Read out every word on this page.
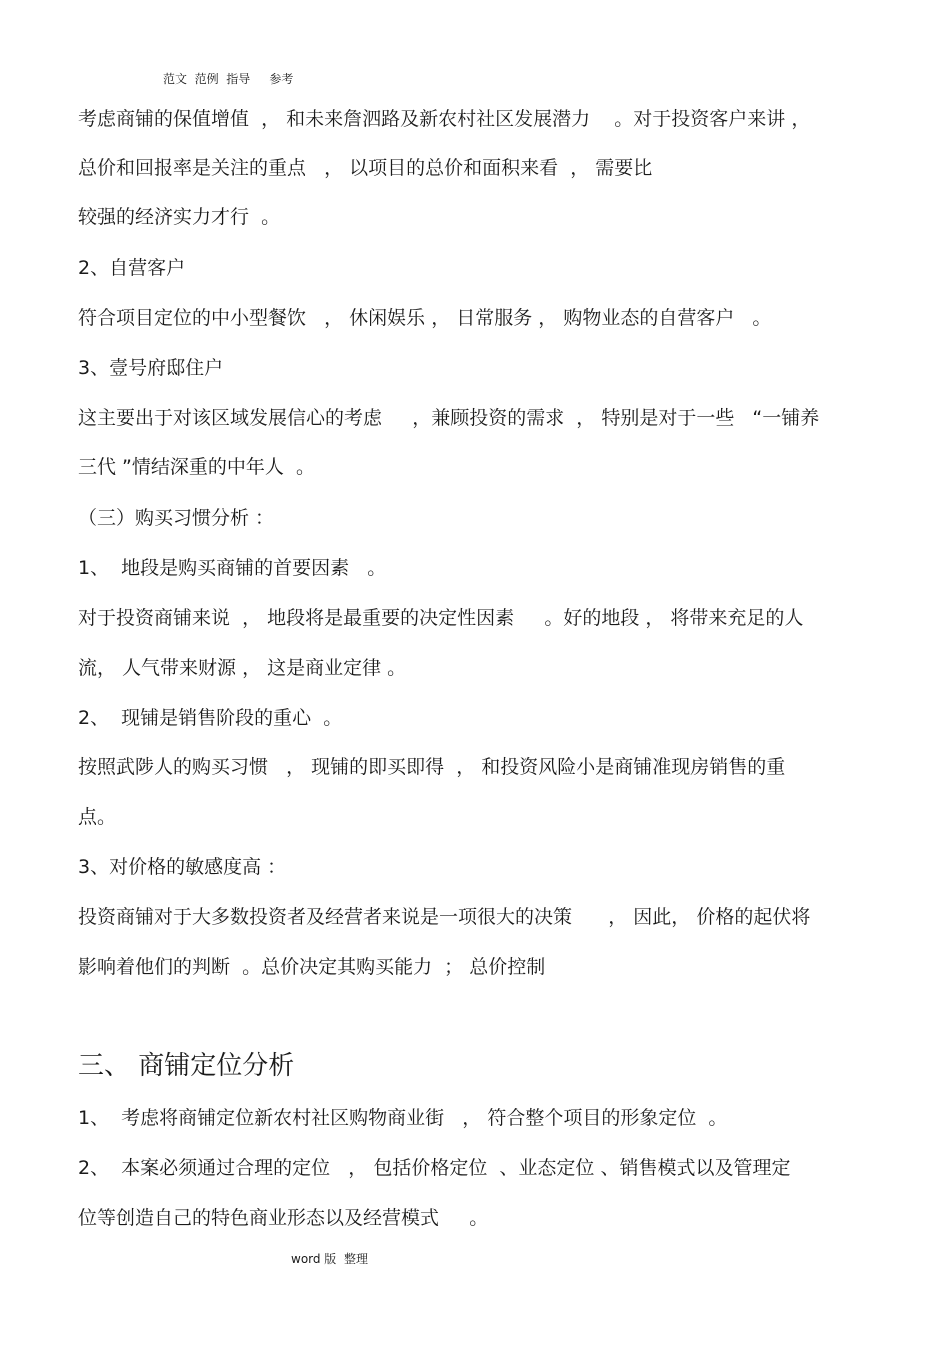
范文  范例  指导     参考
考虑商铺的保值增值  ， 和未来詹泗路及新农村社区发展潜力    。对于投资客户来讲 ，
总价和回报率是关注的重点   ， 以项目的总价和面积来看  ， 需要比
较强的经济实力才行  。
2、自营客户
符合项目定位的中小型餐饮   ， 休闲娱乐 ， 日常服务 ， 购物业态的自营客户   。
3、壹号府邸住户
这主要出于对该区域发展信心的考虑     ，兼顾投资的需求  ， 特别是对于一些   “一铺养
三代 ”情结深重的中年人  。
（三）购买习惯分析 ：
1、  地段是购买商铺的首要因素   。
对于投资商铺来说  ， 地段将是最重要的决定性因素     。好的地段 ， 将带来充足的人
流， 人气带来财源 ， 这是商业定律 。
2、  现铺是销售阶段的重心  。
按照武陟人的购买习惯   ， 现铺的即买即得  ， 和投资风险小是商铺准现房销售的重
点。
3、对价格的敏感度高 ：
投资商铺对于大多数投资者及经营者来说是一项很大的决策      ， 因此， 价格的起伏将
影响着他们的判断  。总价决定其购买能力  ； 总价控制
三、 商铺定位分析
1、  考虑将商铺定位新农村社区购物商业街   ， 符合整个项目的形象定位  。
2、  本案必须通过合理的定位   ， 包括价格定位  、业态定位 、销售模式以及管理定
位等创造自己的特色商业形态以及经营模式     。
word 版  整理
